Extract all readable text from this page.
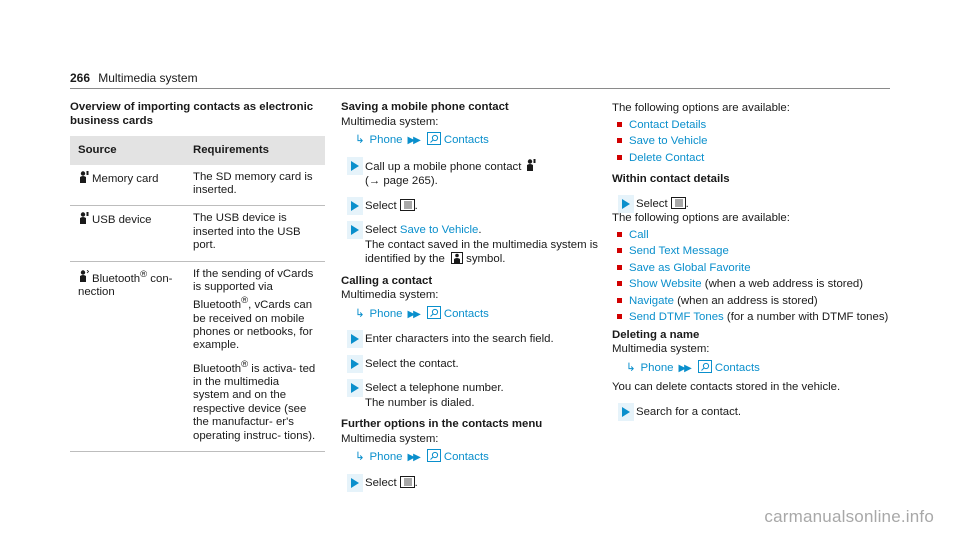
266 Multimedia system
Overview of importing contacts as electronic business cards
Source	Requirements
Memory card	The SD memory card is inserted.
USB device	The USB device is inserted into the USB port.
Bluetooth® con‐ nection	If the sending of vCards is supported via Bluetooth®, vCards can be received on mobile phones or netbooks, for example.
Bluetooth® is activa‐ ted in the multimedia system and on the respective device (see the manufactur‐ er's operating instruc‐ tions).
Saving a mobile phone contact
Multimedia system:
↳ Phone ▶▶ Contacts
Call up a mobile phone contact
(→ page 265).
Select .
Select Save to Vehicle.
The contact saved in the multimedia system is identified by the symbol.
Calling a contact
Multimedia system:
↳ Phone ▶▶ Contacts
Enter characters into the search field.
Select the contact.
Select a telephone number.
The number is dialed.
Further options in the contacts menu
Multimedia system:
↳ Phone ▶▶ Contacts
Select .
The following options are available:
Contact Details
Save to Vehicle
Delete Contact
Within contact details
Select .
The following options are available:
Call
Send Text Message
Save as Global Favorite
Show Website (when a web address is stored)
Navigate (when an address is stored)
Send DTMF Tones (for a number with DTMF tones)
Deleting a name
Multimedia system:
↳ Phone ▶▶ Contacts
You can delete contacts stored in the vehicle.
Search for a contact.
carmanualsonline.info
